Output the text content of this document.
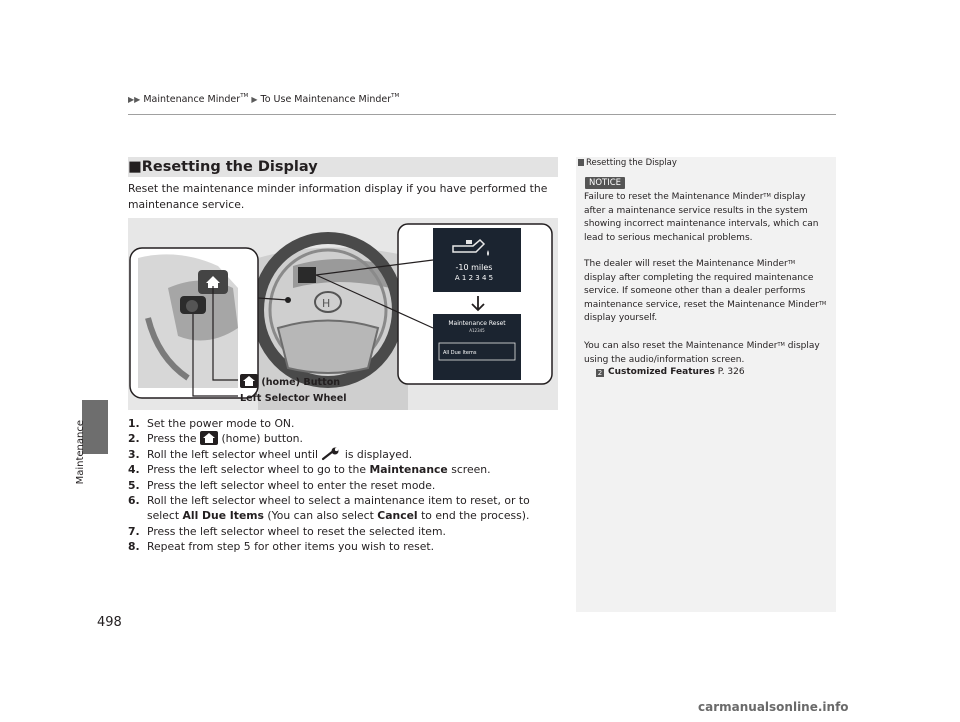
▶▶ Maintenance Minder™ ▶ To Use Maintenance Minder™
Maintenance
■Resetting the Display
Reset the maintenance minder information display if you have performed the maintenance service.
H
-10 miles
A 1 2 3 4 5
Maintenance Reset
A12345
All Due Items
(home) Button
Left Selector Wheel
1. Set the power mode to ON.
2. Press the (home) button.
3. Roll the left selector wheel until is displayed.
4. Press the left selector wheel to go to the Maintenance screen.
5. Press the left selector wheel to enter the reset mode.
6. Roll the left selector wheel to select a maintenance item to reset, or to select All Due Items (You can also select Cancel to end the process).
7. Press the left selector wheel to reset the selected item.
8. Repeat from step 5 for other items you wish to reset.
Resetting the Display
NOTICE
Failure to reset the Maintenance Minder™ display after a maintenance service results in the system showing incorrect maintenance intervals, which can lead to serious mechanical problems.
The dealer will reset the Maintenance Minder™ display after completing the required maintenance service. If someone other than a dealer performs maintenance service, reset the Maintenance Minder™ display yourself.
You can also reset the Maintenance Minder™ display using the audio/information screen.
2 Customized Features P. 326
498
carmanualsonline.info
